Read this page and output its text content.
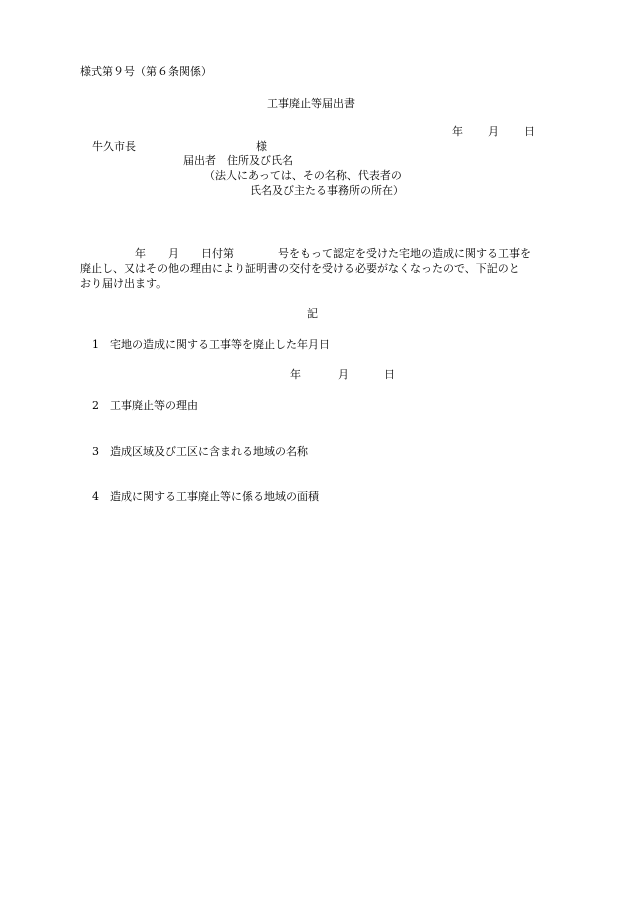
様式第９号（第６条関係）

工事廃止等届出書

年 月 日
牛久市長	様

届出者　住所及び氏名

（法人にあっては、その名称、代表者の

氏名及び主たる事務所の所在）

　　　　　年　　月　　日付第　　　　号をもって認定を受けた宅地の造成に関する工事を

廃止し、又はその他の理由により証明書の交付を受ける必要がなくなったので、下記のと

おり届け出ます。

記

1　宅地の造成に関する工事等を廃止した年月日

年	月	日

2　工事廃止等の理由

3　造成区域及び工区に含まれる地域の名称

4　造成に関する工事廃止等に係る地域の面積
